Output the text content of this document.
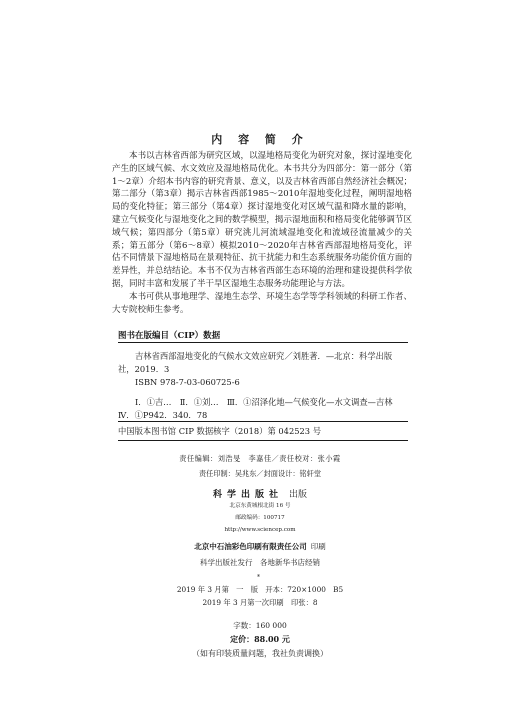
内 容 简 介

本书以吉林省西部为研究区域，以湿地格局变化为研究对象，探讨湿地变化产生的区域气候、水文效应及湿地格局优化。本书共分为四部分：第一部分（第1～2章）介绍本书内容的研究背景、意义，以及吉林省西部自然经济社会概况；第二部分（第3章）揭示吉林省西部1985～2010年湿地变化过程，阐明湿地格局的变化特征；第三部分（第4章）探讨湿地变化对区域气温和降水量的影响，建立气候变化与湿地变化之间的数学模型，揭示湿地面积和格局变化能够调节区域气候；第四部分（第5章）研究洮儿河流域湿地变化和流域径流量减少的关系；第五部分（第6～8章）模拟2010～2020年吉林省西部湿地格局变化，评估不同情景下湿地格局在景观特征、抗干扰能力和生态系统服务功能价值方面的差异性，并总结结论。本书不仅为吉林省西部生态环境的治理和建设提供科学依据，同时丰富和发展了半干旱区湿地生态服务功能理论与方法。

本书可供从事地理学、湿地生态学、环境生态学等学科领域的科研工作者、大专院校师生参考。

图书在版编目（CIP）数据

吉林省西部湿地变化的气候水文效应研究／刘胜著．—北京：科学出版社，2019．3

ISBN 978-7-03-060725-6

Ⅰ．①吉…　Ⅱ．①刘…　Ⅲ．①沼泽化地—气候变化—水文调查—吉林

Ⅳ．①P942．340．78

中国版本图书馆 CIP 数据核字（2018）第 042523 号
责任编辑：刘浩旻　李嘉佳／责任校对：张小霞
责任印制：吴兆东／封面设计：铭轩堂
科学出版社 出版
北京东黄城根北街 16 号
邮政编码：100717
http://www.sciencep.com
北京中石油彩色印刷有限责任公司 印刷
科学出版社发行　各地新华书店经销
*
2019 年 3 月第　一　版　开本：720×1000　B5
2019 年 3 月第一次印刷　印张：8
字数：160 000
定价：88.00 元
（如有印装质量问题，我社负责调换）
